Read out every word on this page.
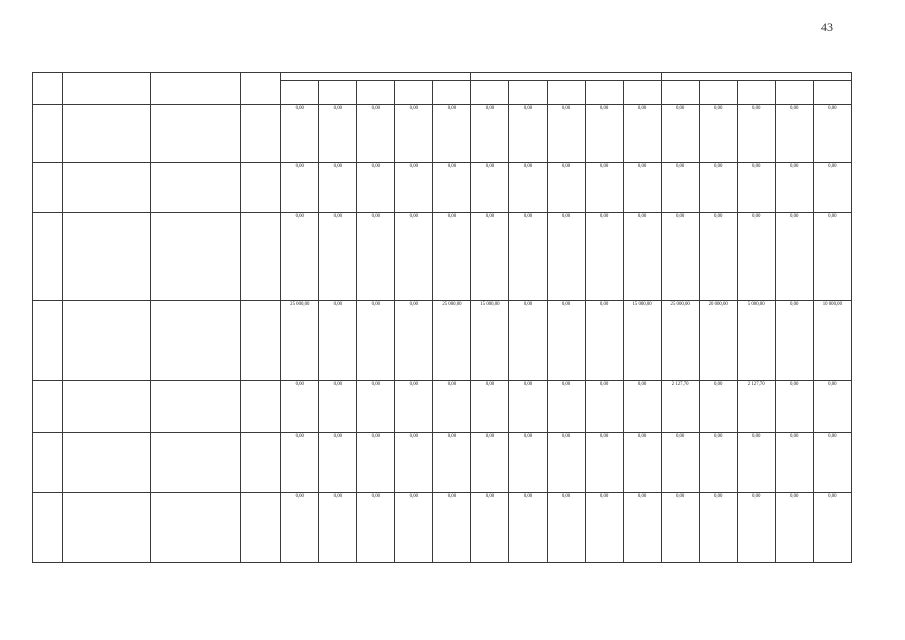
43

				0,00	0,00	0,00	0,00	0,00	0,00	0,00	0,00	0,00	0,00	0,00	0,00	0,00	0,00	0,00
				0,00	0,00	0,00	0,00	0,00	0,00	0,00	0,00	0,00	0,00	0,00	0,00	0,00	0,00	0,00
				0,00	0,00	0,00	0,00	0,00	0,00	0,00	0,00	0,00	0,00	0,00	0,00	0,00	0,00	0,00
				25 000,00	0,00	0,00	0,00	25 000,00	15 000,00	0,00	0,00	0,00	15 000,00	25 000,00	20 000,00	5 000,00	0,00	10 000,00
				0,00	0,00	0,00	0,00	0,00	0,00	0,00	0,00	0,00	0,00	2 127,70	0,00	2 127,70	0,00	0,00
				0,00	0,00	0,00	0,00	0,00	0,00	0,00	0,00	0,00	0,00	0,00	0,00	0,00	0,00	0,00
				0,00	0,00	0,00	0,00	0,00	0,00	0,00	0,00	0,00	0,00	0,00	0,00	0,00	0,00	0,00
